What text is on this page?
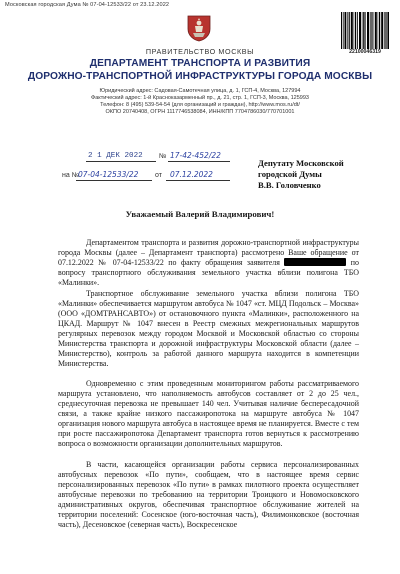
Московская городская Дума № 07-04-12533/22 от 23.12.2022
22100046319
ПРАВИТЕЛЬСТВО МОСКВЫ
ДЕПАРТАМЕНТ ТРАНСПОРТА И РАЗВИТИЯ
ДОРОЖНО-ТРАНСПОРТНОЙ ИНФРАСТРУКТУРЫ ГОРОДА МОСКВЫ
Юридический адрес: Садовая-Самотечная улица, д. 1, ГСП-4, Москва, 127994
Фактический адрес: 1-й Красноказарменный пр., д. 21, стр. 1, ГСП-3, Москва, 125993
Телефон: 8 (495) 539-54-54 (для организаций и граждан), http://www.mos.ru/dt/
ОКПО 20740408, ОГРН 1117746538084, ИНН/КПП 7704786030/770701001
2 1 ДЕК 2022 № 17-42-452/22
на №
07-04-12533/22 от 07.12.2022
Депутату Московской
городской Думы
В.В. Головченко
Уважаемый Валерий Владимирович!
Департаментом транспорта и развития дорожно-транспортной инфраструктуры города Москвы (далее – Департамент транспорта) рассмотрено Ваше обращение от 07.12.2022 № 07-04-12533/22 по факту обращения заявителя	по вопросу транспортного обслуживания земельного участка вблизи полигона ТБО «Малинки».
Транспортное обслуживание земельного участка вблизи полигона ТБО «Малинки» обеспечивается маршрутом автобуса № 1047 «ст. МЦД Подольск – Москва» (ООО «ДОМТРАНСАВТО») от остановочного пункта «Малинки», расположенного на ЦКАД. Маршрут № 1047 внесен в Реестр смежных межрегиональных маршрутов регулярных перевозок между городом Москвой и Московской областью со стороны Министерства транспорта и дорожной инфраструктуры Московской области (далее – Министерство), контроль за работой данного маршрута находится в компетенции Министерства.
Одновременно с этим проведенным мониторингом работы рассматриваемого маршрута установлено, что наполняемость автобусов составляет от 2 до 25 чел., среднесуточная перевозка не превышает 140 чел. Учитывая наличие беспересадочной связи, а также крайне низкого пассажиропотока на маршруте автобуса № 1047 организация нового маршрута автобуса в настоящее время не планируется. Вместе с тем при росте пассажиропотока Департамент транспорта готов вернуться к рассмотрению вопроса о возможности организации дополнительных маршрутов.
В части, касающейся организации работы сервиса персонализированных автобусных перевозок «По пути», сообщаем, что в настоящее время сервис персонализированных перевозок «По пути» в рамках пилотного проекта осуществляет автобусные перевозки по требованию на территории Троицкого и Новомосковского административных округов, обеспечивая транспортное обслуживание жителей на территории поселений: Сосенское (юго-восточная часть), Филимонковское (восточная часть), Десеновское (северная часть), Воскресенское
